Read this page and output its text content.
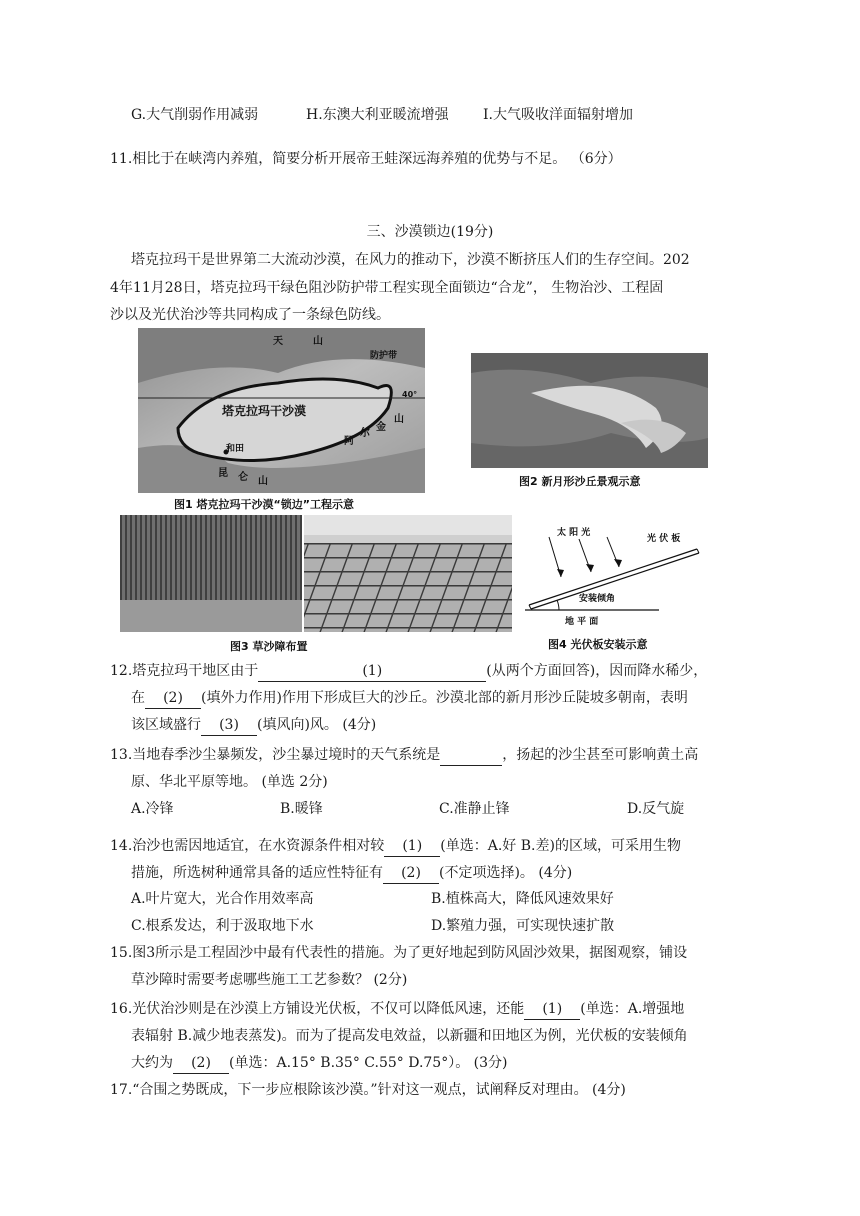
G.大气削弱作用减弱	H.东澳大利亚暖流增强 I.大气吸收洋面辐射增加
11.相比于在峡湾内养殖，简要分析开展帝王蛙深远海养殖的优势与不足。 （6分）
三、沙漠锁边(19分)
塔克拉玛干是世界第二大流动沙漠，在风力的推动下，沙漠不断挤压人们的生存空间。202
4年11月28日，塔克拉玛干绿色阻沙防护带工程实现全面锁边“合龙”， 生物治沙、工程固
沙以及光伏治沙等共同构成了一条绿色防线。
塔克拉玛干沙漠
防护带
40°
和田
天	山
昆 仑 山
阿
尔
金
山
图1 塔克拉玛干沙漠“锁边”工程示意
图2 新月形沙丘景观示意
图3 草沙障布置
太 阳 光
光 伏 板
安装倾角
地 平 面
图4 光伏板安装示意
12.塔克拉玛干地区由于	(1)	(从两个方面回答)，因而降水稀少，
在 (2) (填外力作用)作用下形成巨大的沙丘。沙漠北部的新月形沙丘陡坡多朝南，表明
该区域盛行 (3) (填风向)风。 (4分)
13.当地春季沙尘暴频发，沙尘暴过境时的天气系统是	，扬起的沙尘甚至可影响黄土高
原、华北平原等地。 (单选 2分)
A.冷锋	B.暖锋	C.准静止锋	D.反气旋
14.治沙也需因地适宜，在水资源条件相对较 (1) (单选：A.好 B.差)的区域，可采用生物
措施，所选树种通常具备的适应性特征有 (2) (不定项选择)。 (4分)
A.叶片宽大，光合作用效率高	B.植株高大，降低风速效果好
C.根系发达，利于汲取地下水	D.繁殖力强，可实现快速扩散
15.图3所示是工程固沙中最有代表性的措施。为了更好地起到防风固沙效果，据图观察，铺设
草沙障时需要考虑哪些施工工艺参数？ (2分)
16.光伏治沙则是在沙漠上方铺设光伏板，不仅可以降低风速，还能 (1) (单选：A.增强地
表辐射 B.减少地表蒸发)。而为了提高发电效益，以新疆和田地区为例，光伏板的安装倾角
大约为 (2) (单选：A.15° B.35° C.55° D.75°）。 (3分)
17.“合围之势既成，下一步应根除该沙漠。”针对这一观点，试阐释反对理由。 (4分)
